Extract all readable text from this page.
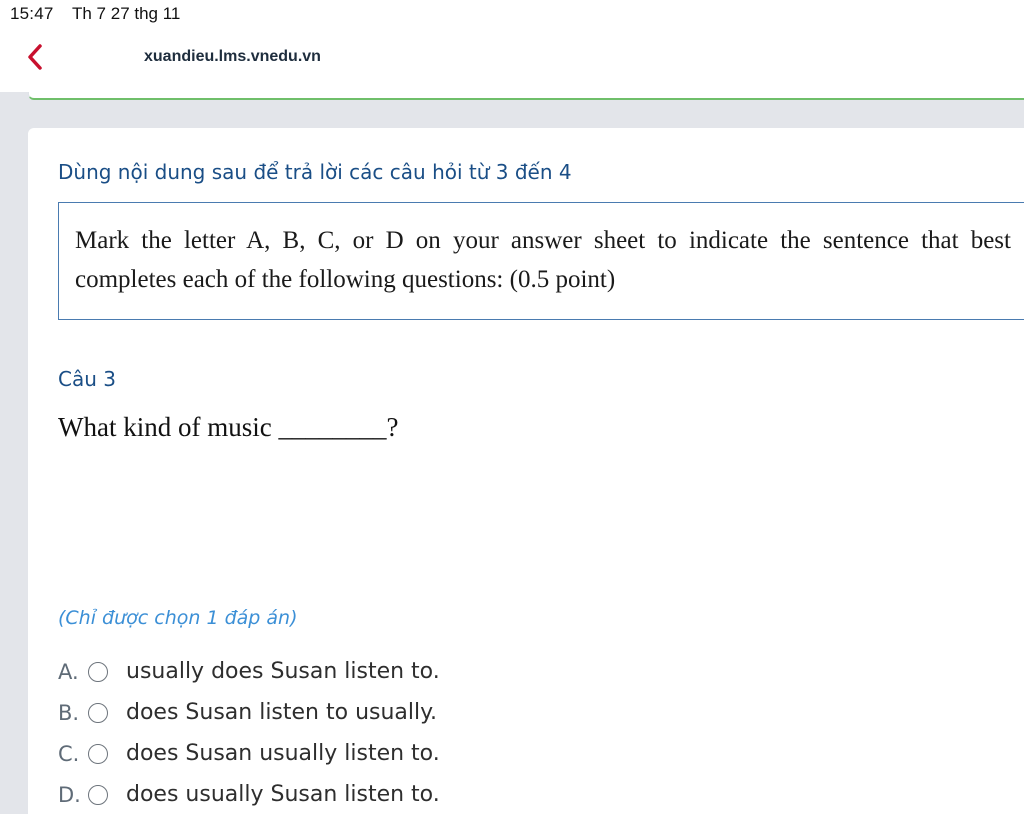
15:47 Th 7 27 thg 11
xuandieu.lms.vnedu.vn
Dùng nội dung sau để trả lời các câu hỏi từ 3 đến 4
Mark the letter A, B, C, or D on your answer sheet to indicate the sentence that best completes each of the following questions: (0.5 point)
Câu 3
What kind of music ________?
(Chỉ được chọn 1 đáp án)
A. usually does Susan listen to.
B. does Susan listen to usually.
C. does Susan usually listen to.
D. does usually Susan listen to.
